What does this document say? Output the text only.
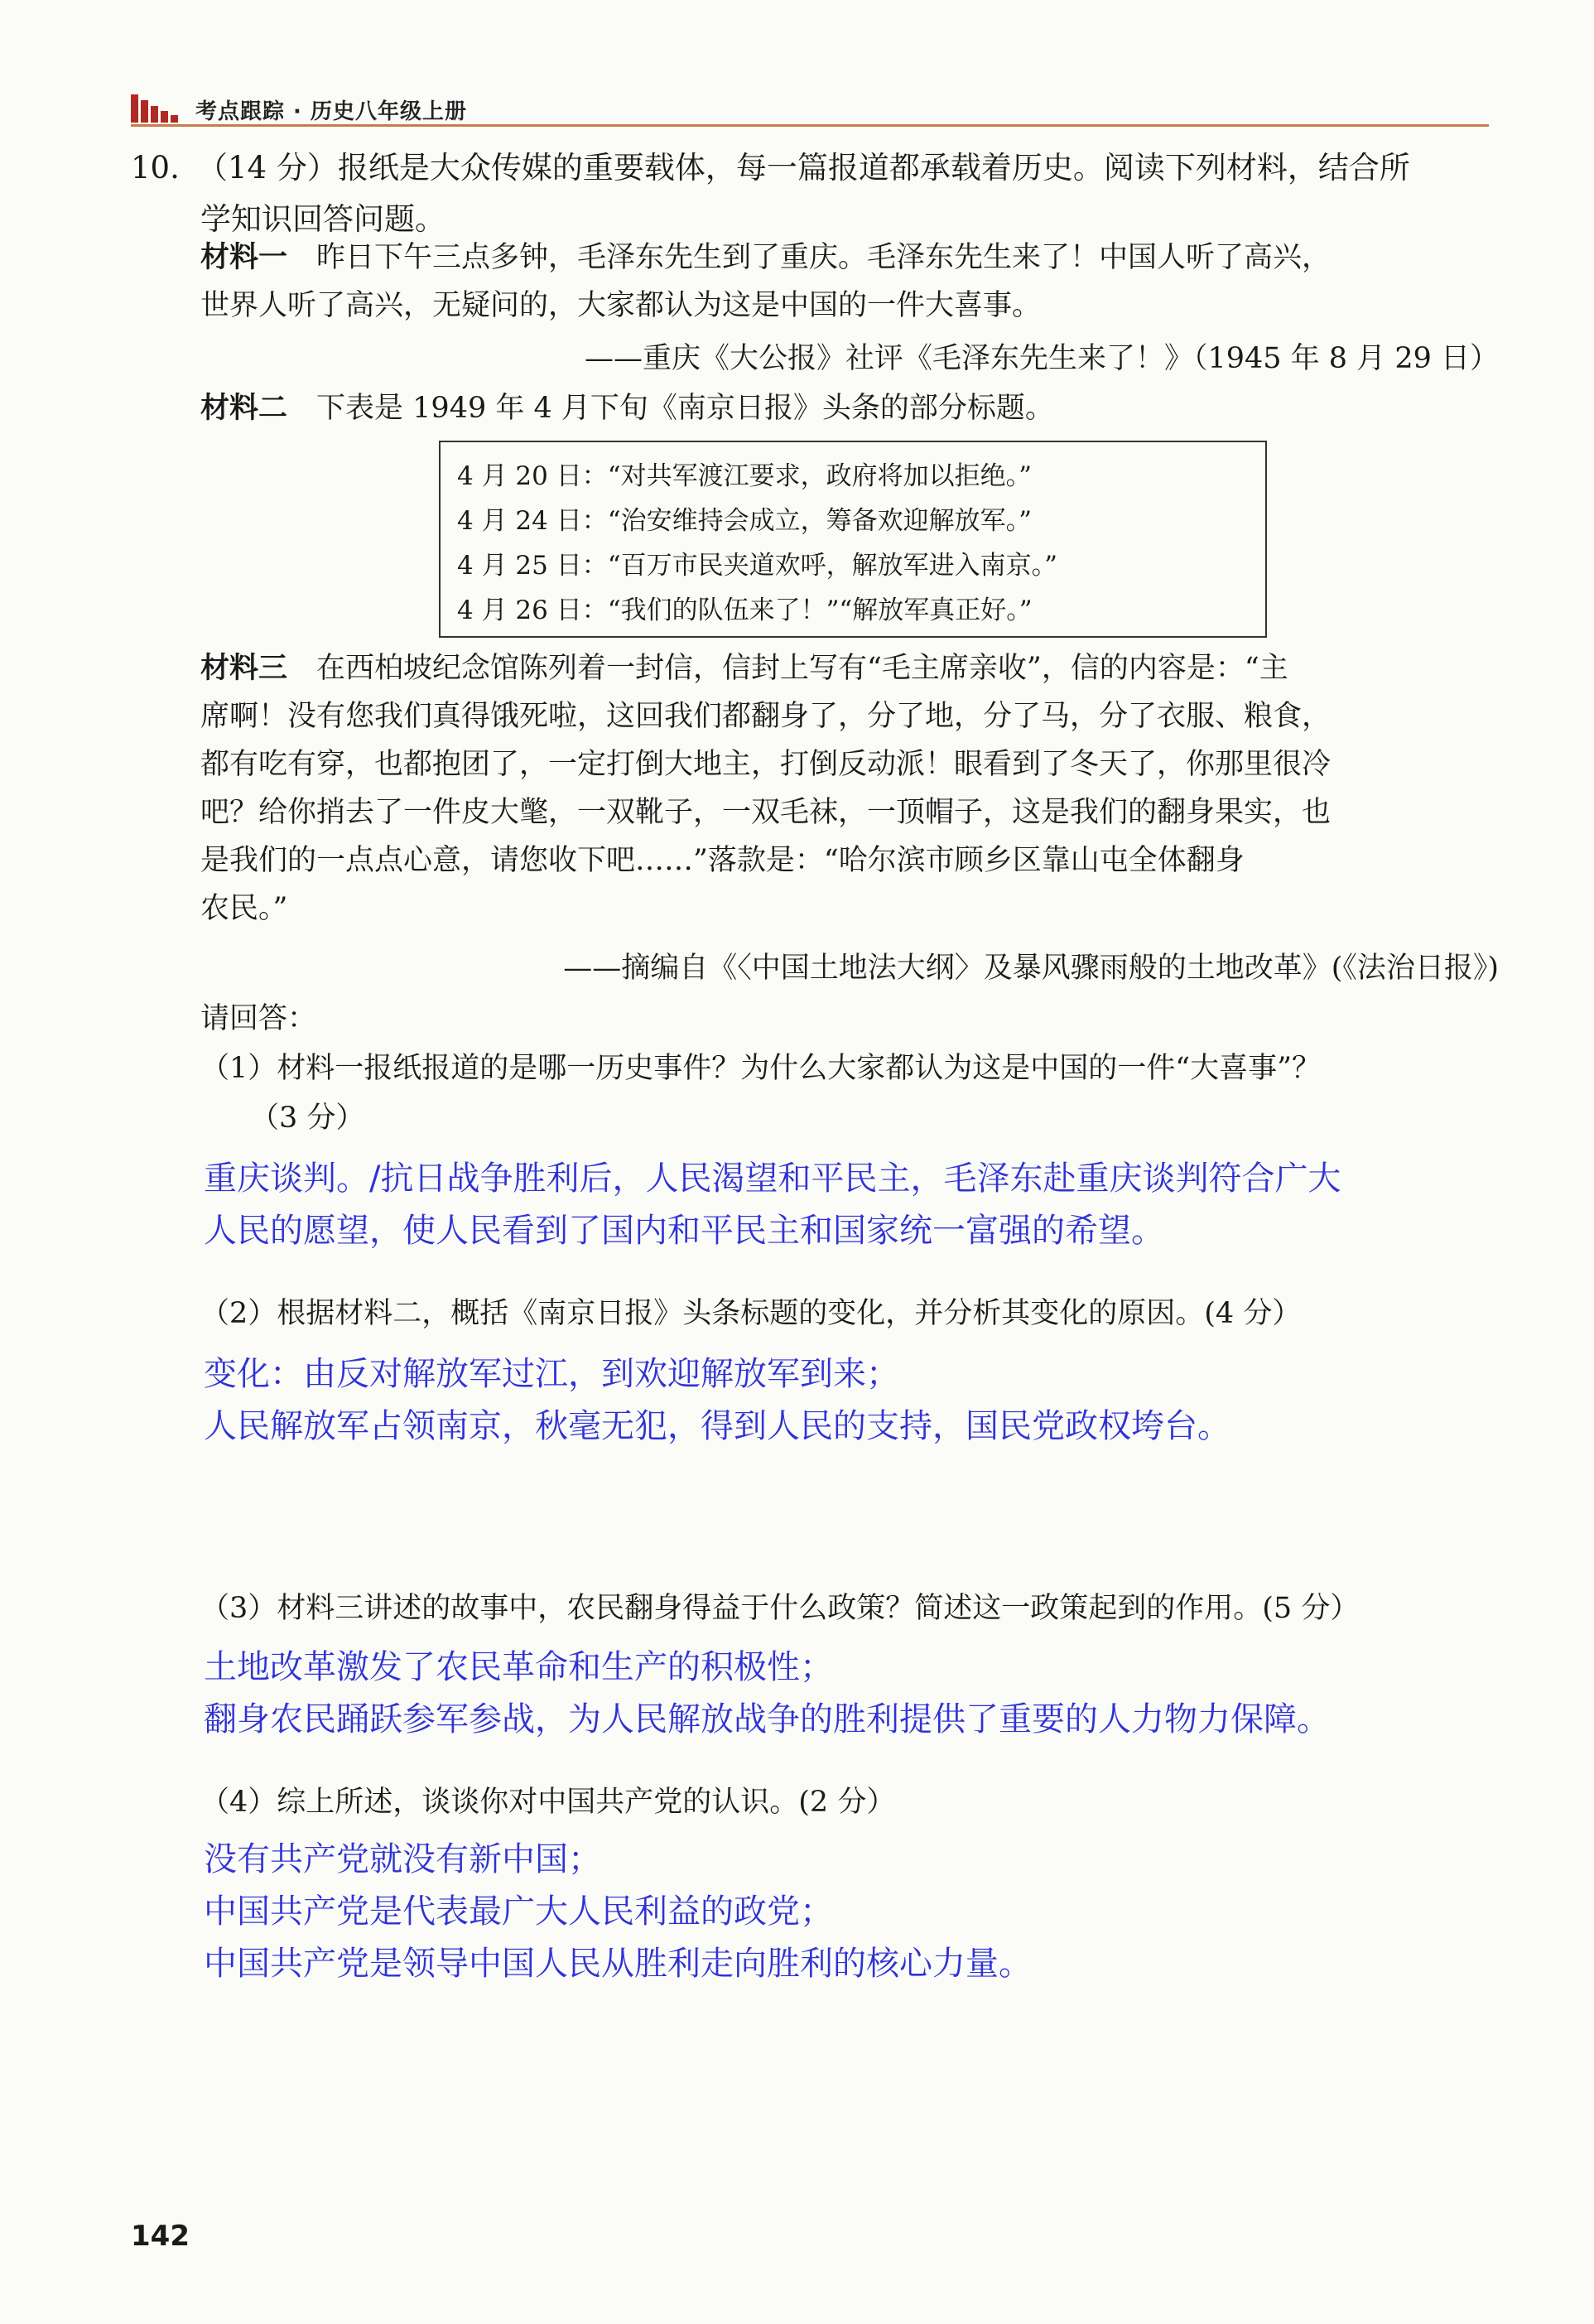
考点跟踪 · 历史八年级上册
10. （14 分）报纸是大众传媒的重要载体，每一篇报道都承载着历史。阅读下列材料，结合所
学知识回答问题。
材料一　 昨日下午三点多钟，毛泽东先生到了重庆。毛泽东先生来了！中国人听了高兴，
世界人听了高兴，无疑问的，大家都认为这是中国的一件大喜事。
——重庆《大公报》社评《毛泽东先生来了！》（1945 年 8 月 29 日）
材料二　 下表是 1949 年 4 月下旬《南京日报》头条的部分标题。
4 月 20 日：“对共军渡江要求，政府将加以拒绝。”
4 月 24 日：“治安维持会成立，筹备欢迎解放军。”
4 月 25 日：“百万市民夹道欢呼，解放军进入南京。”
4 月 26 日：“我们的队伍来了！”“解放军真正好。”
材料三　 在西柏坡纪念馆陈列着一封信，信封上写有“毛主席亲收”，信的内容是：“主
席啊！没有您我们真得饿死啦，这回我们都翻身了，分了地，分了马，分了衣服、粮食，
都有吃有穿，也都抱团了，一定打倒大地主，打倒反动派！眼看到了冬天了，你那里很冷
吧？给你捎去了一件皮大氅，一双靴子，一双毛袜，一顶帽子，这是我们的翻身果实，也
是我们的一点点心意，请您收下吧……”落款是：“哈尔滨市顾乡区靠山屯全体翻身
农民。”
——摘编自《〈中国土地法大纲〉及暴风骤雨般的土地改革》(《法治日报》)
请回答：
（1）材料一报纸报道的是哪一历史事件？为什么大家都认为这是中国的一件“大喜事”？
（3 分）
重庆谈判。/抗日战争胜利后，人民渴望和平民主，毛泽东赴重庆谈判符合广大
人民的愿望，使人民看到了国内和平民主和国家统一富强的希望。
（2）根据材料二，概括《南京日报》头条标题的变化，并分析其变化的原因。(4 分）
变化：由反对解放军过江，到欢迎解放军到来；
人民解放军占领南京，秋毫无犯，得到人民的支持，国民党政权垮台。
（3）材料三讲述的故事中，农民翻身得益于什么政策？简述这一政策起到的作用。(5 分）
土地改革激发了农民革命和生产的积极性；
翻身农民踊跃参军参战，为人民解放战争的胜利提供了重要的人力物力保障。
（4）综上所述，谈谈你对中国共产党的认识。(2 分）
没有共产党就没有新中国；
中国共产党是代表最广大人民利益的政党；
中国共产党是领导中国人民从胜利走向胜利的核心力量。
142
